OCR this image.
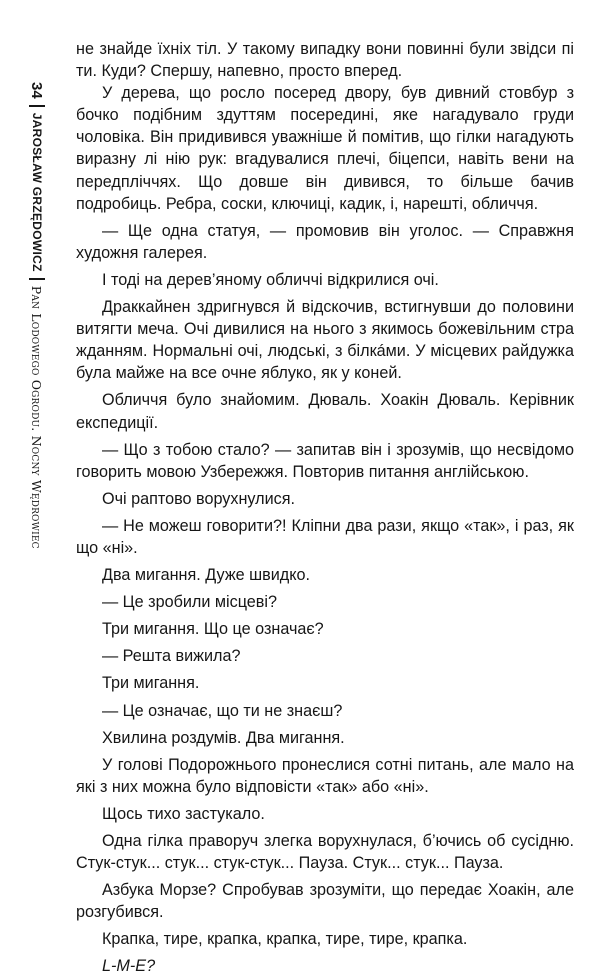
34
JAROSŁAW GRZĘDOWICZ
Pan Lodowego Ogrodu. Nocny Wędrowiec

не знайде їхніх тіл. У такому випадку вони повинні були звідси пі ти. Куди? Спершу, напевно, просто вперед.

У дерева, що росло посеред двору, був дивний стовбур з бочко подібним здуттям посередині, яке нагадувало груди чоловіка. Він придивився уважніше й помітив, що гілки нагадують виразну лі нію рук: вгадувалися плечі, біцепси, навіть вени на передпліччях. Що довше він дивився, то більше бачив подробиць. Ребра, соски, ключиці, кадик, і, нарешті, обличчя.

— Ще одна статуя, — промовив він уголос. — Справжня художня галерея.

І тоді на дерев’яному обличчі відкрилися очі.

Драккайнен здригнувся й відскочив, встигнувши до половини витягти меча. Очі дивилися на нього з якимось божевільним стра жданням. Нормальні очі, людські, з білкáми. У місцевих райдужка була майже на все очне яблуко, як у коней.

Обличчя було знайомим. Дюваль. Хоакін Дюваль. Керівник експедиції.

— Що з тобою стало? — запитав він і зрозумів, що несвідомо говорить мовою Узбережжя. Повторив питання англійською.

Очі раптово ворухнулися.

— Не можеш говорити?! Кліпни два рази, якщо «так», і раз, як що «ні».

Два мигання. Дуже швидко.

— Це зробили місцеві?

Три мигання. Що це означає?

— Решта вижила?

Три мигання.

— Це означає, що ти не знаєш?

Хвилина роздумів. Два мигання.

У голові Подорожнього пронеслися сотні питань, але мало на які з них можна було відповісти «так» або «ні».

Щось тихо застукало.

Одна гілка праворуч злегка ворухнулася, б’ючись об сусідню. Стук-стук... стук... стук-стук... Пауза. Стук... стук... Пауза.

Азбука Морзе? Спробував зрозуміти, що передає Хоакін, але розгубився.

Крапка, тире, крапка, крапка, тире, тире, крапка.

L-M-E?
